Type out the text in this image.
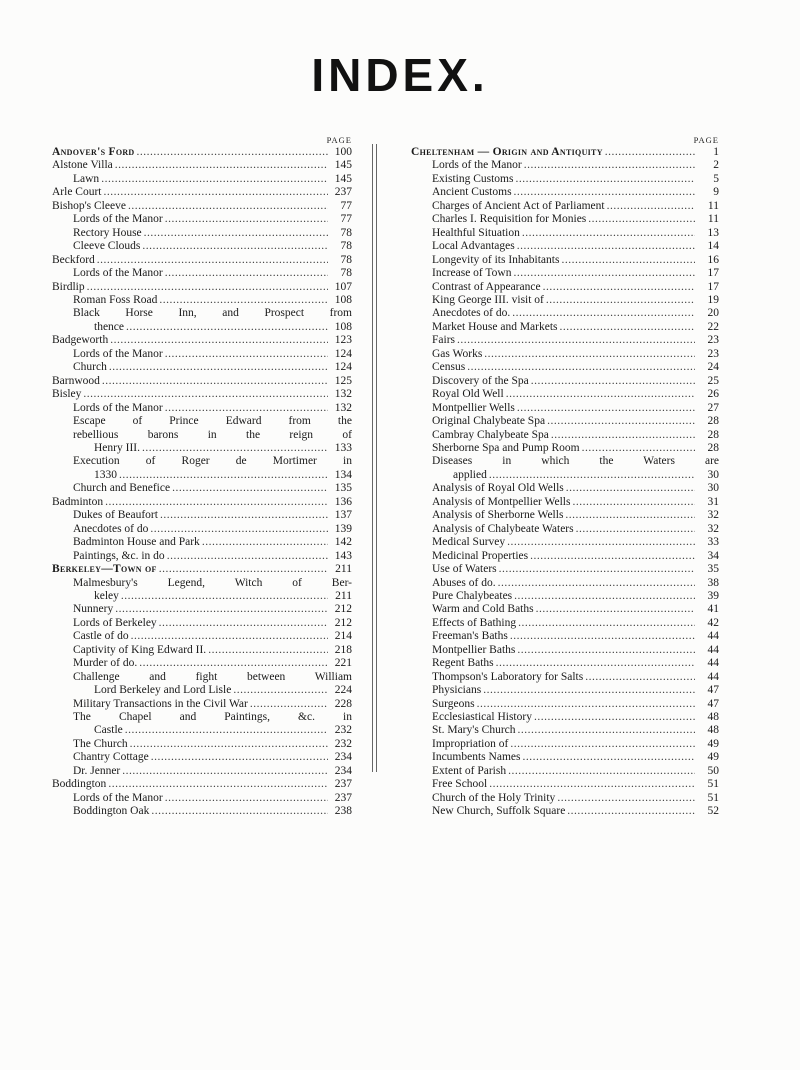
INDEX.
PAGE
Andover's Ford .....	100
Alstone Villa .....	145
Lawn .....	145
Arle Court .....	237
Bishop's Cleeve .....	77
Lords of the Manor .....	77
Rectory House .....	78
Cleeve Clouds .....	78
Beckford .....	78
Lords of the Manor .....	78
Birdlip .....	107
Roman Foss Road .....	108
Black Horse Inn, and Prospect from
thence .....	108
Badgeworth .....	123
Lords of the Manor .....	124
Church .....	124
Barnwood .....	125
Bisley .....	132
Lords of the Manor .....	132
Escape of Prince Edward from the
rebellious barons in the reign of
Henry III. .....	133
Execution of Roger de Mortimer in
1330 .....	134
Church and Benefice .....	135
Badminton .....	136
Dukes of Beaufort .....	137
Anecdotes of do .....	139
Badminton House and Park .....	142
Paintings, &c. in do .....	143
Berkeley—Town of .....	211
Malmesbury's Legend, Witch of Ber-
keley .....	211
Nunnery .....	212
Lords of Berkeley .....	212
Castle of do .....	214
Captivity of King Edward II. .....	218
Murder of do. .....	221
Challenge and fight between William
Lord Berkeley and Lord Lisle .....	224
Military Transactions in the Civil War .....	228
The Chapel and Paintings, &c. in
Castle .....	232
The Church .....	232
Chantry Cottage .....	234
Dr. Jenner .....	234
Boddington .....	237
Lords of the Manor .....	237
Boddington Oak .....	238
PAGE
Cheltenham — Origin and Antiquity .....	1
Lords of the Manor .....	2
Existing Customs .....	5
Ancient Customs .....	9
Charges of Ancient Act of Parliament .....	11
Charles I. Requisition for Monies .....	11
Healthful Situation .....	13
Local Advantages .....	14
Longevity of its Inhabitants .....	16
Increase of Town .....	17
Contrast of Appearance .....	17
King George III. visit of .....	19
Anecdotes of do. .....	20
Market House and Markets .....	22
Fairs .....	23
Gas Works .....	23
Census .....	24
Discovery of the Spa .....	25
Royal Old Well .....	26
Montpellier Wells .....	27
Original Chalybeate Spa .....	28
Cambray Chalybeate Spa .....	28
Sherborne Spa and Pump Room .....	28
Diseases in which the Waters are
applied .....	30
Analysis of Royal Old Wells .....	30
Analysis of Montpellier Wells .....	31
Analysis of Sherborne Wells .....	32
Analysis of Chalybeate Waters .....	32
Medical Survey .....	33
Medicinal Properties .....	34
Use of Waters .....	35
Abuses of do. .....	38
Pure Chalybeates .....	39
Warm and Cold Baths .....	41
Effects of Bathing .....	42
Freeman's Baths .....	44
Montpellier Baths .....	44
Regent Baths .....	44
Thompson's Laboratory for Salts .....	44
Physicians .....	47
Surgeons .....	47
Ecclesiastical History .....	48
St. Mary's Church .....	48
Impropriation of .....	49
Incumbents Names .....	49
Extent of Parish .....	50
Free School .....	51
Church of the Holy Trinity .....	51
New Church, Suffolk Square .....	52
